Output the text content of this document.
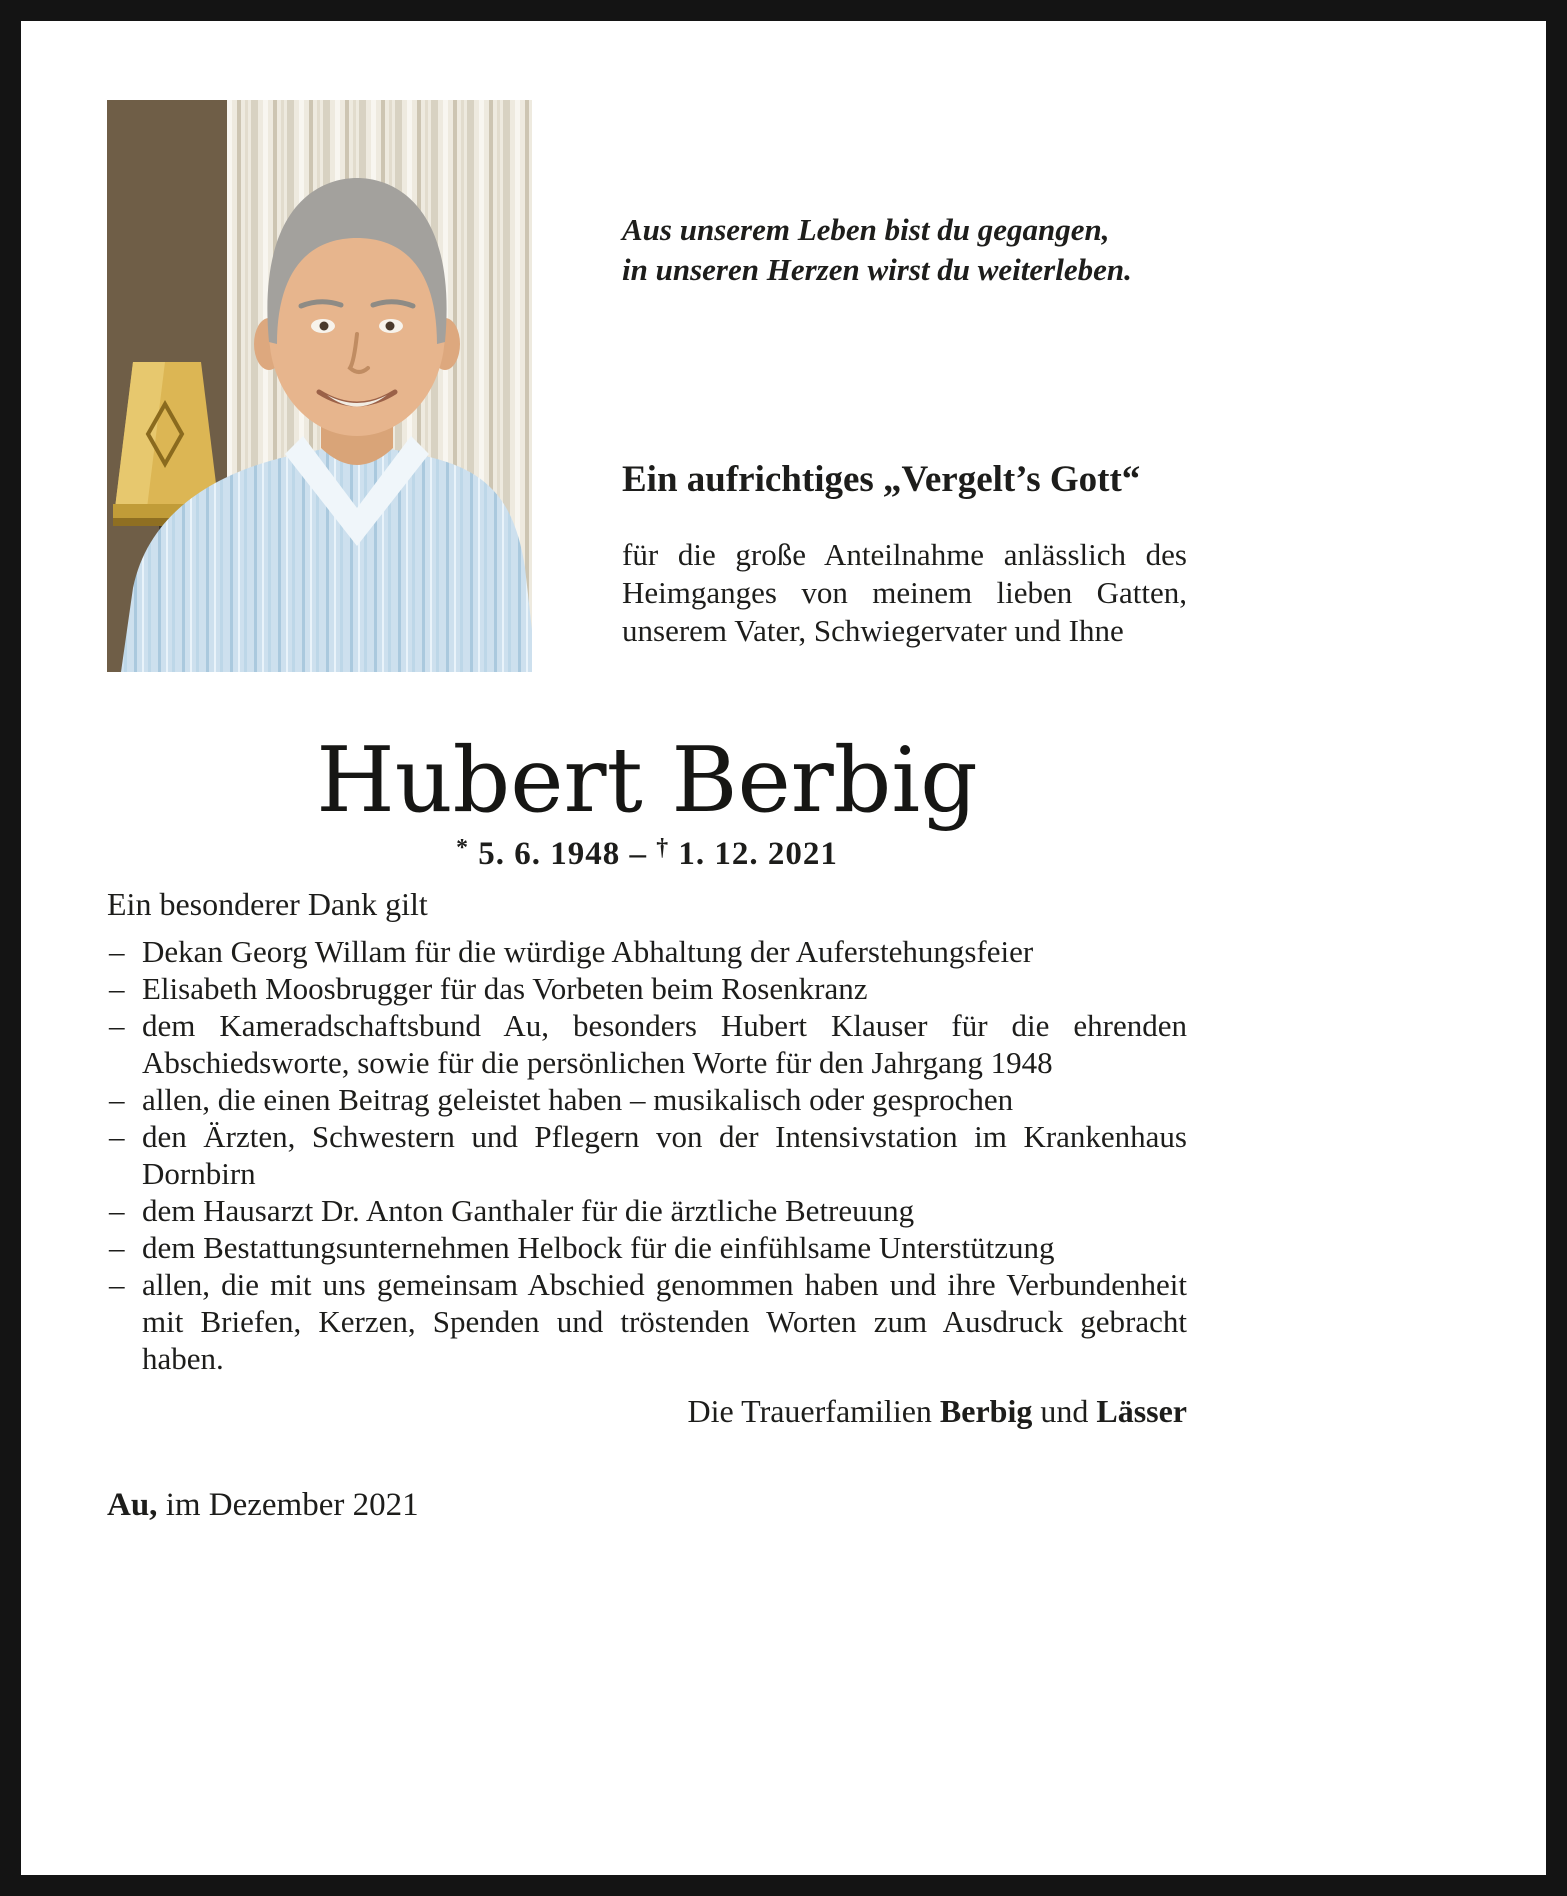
Aus unserem Leben bist du gegangen,
in unseren Herzen wirst du weiterleben.
Ein aufrichtiges „Vergelt’s Gott“
für die große Anteilnahme anlässlich des Heimganges von meinem lieben Gatten, unserem Vater, Schwiegervater und Ihne
Hubert Berbig
* 5. 6. 1948 – † 1. 12. 2021
Ein besonderer Dank gilt
– Dekan Georg Willam für die würdige Abhaltung der Auferstehungsfeier
– Elisabeth Moosbrugger für das Vorbeten beim Rosenkranz
– dem Kameradschaftsbund Au, besonders Hubert Klauser für die ehrenden Abschiedsworte, sowie für die persönlichen Worte für den Jahrgang 1948
– allen, die einen Beitrag geleistet haben – musikalisch oder gesprochen
– den Ärzten, Schwestern und Pflegern von der Intensivstation im Krankenhaus Dornbirn
– dem Hausarzt Dr. Anton Ganthaler für die ärztliche Betreuung
– dem Bestattungsunternehmen Helbock für die einfühlsame Unterstützung
– allen, die mit uns gemeinsam Abschied genommen haben und ihre Verbundenheit mit Briefen, Kerzen, Spenden und tröstenden Worten zum Ausdruck gebracht haben.
Die Trauerfamilien Berbig und Lässer
Au, im Dezember 2021
